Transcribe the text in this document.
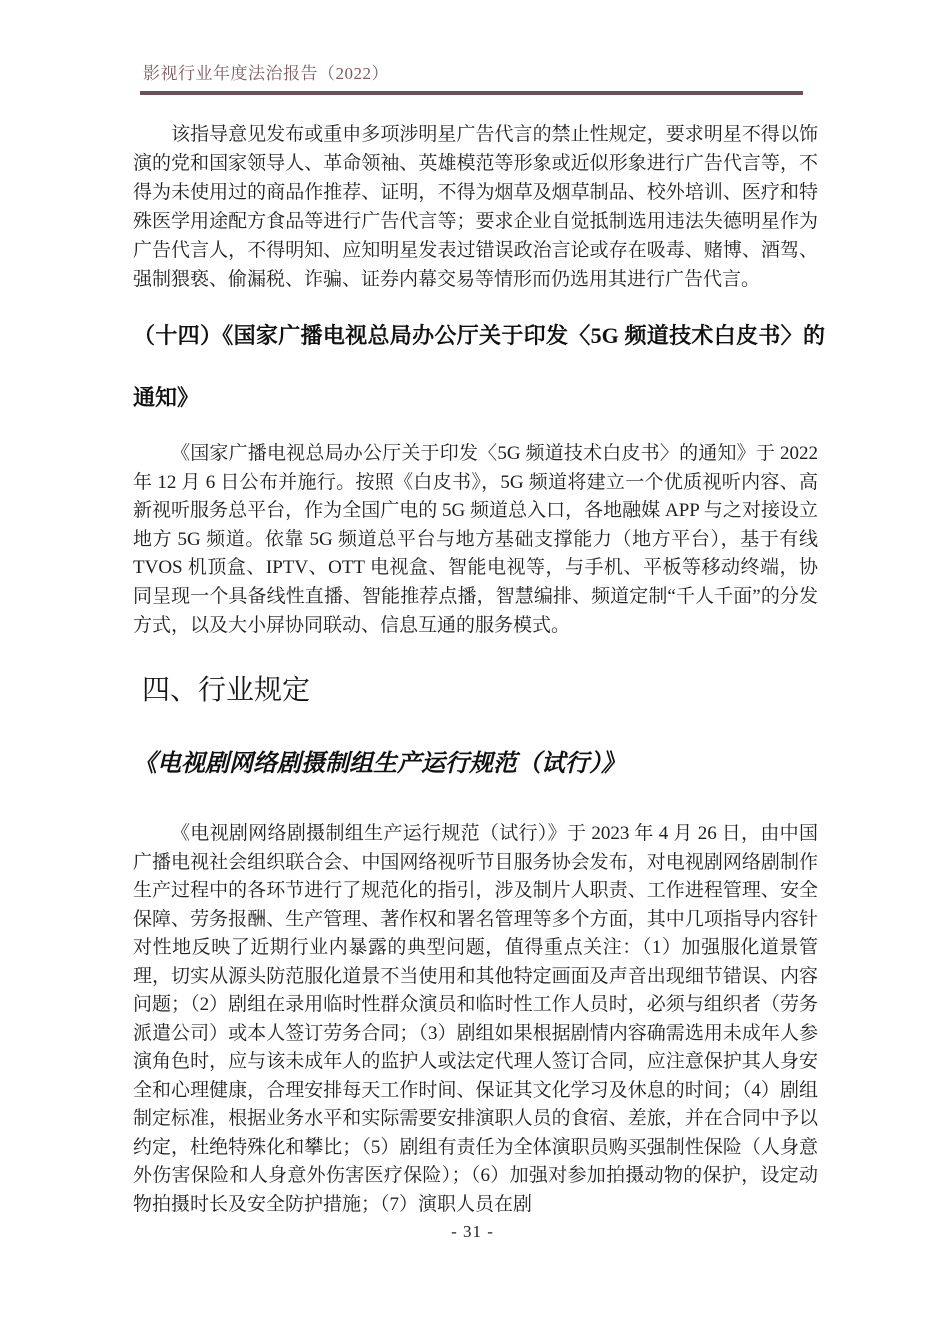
影视行业年度法治报告（2022）
该指导意见发布或重申多项涉明星广告代言的禁止性规定，要求明星不得以饰演的党和国家领导人、革命领袖、英雄模范等形象或近似形象进行广告代言等，不得为未使用过的商品作推荐、证明，不得为烟草及烟草制品、校外培训、医疗和特殊医学用途配方食品等进行广告代言等；要求企业自觉抵制选用违法失德明星作为广告代言人，不得明知、应知明星发表过错误政治言论或存在吸毒、赌博、酒驾、强制猥亵、偷漏税、诈骗、证券内幕交易等情形而仍选用其进行广告代言。
（十四）《国家广播电视总局办公厅关于印发〈5G 频道技术白皮书〉的通知》
《国家广播电视总局办公厅关于印发〈5G 频道技术白皮书〉的通知》于 2022 年 12 月 6 日公布并施行。按照《白皮书》，5G 频道将建立一个优质视听内容、高新视听服务总平台，作为全国广电的 5G 频道总入口，各地融媒 APP 与之对接设立地方 5G 频道。依靠 5G 频道总平台与地方基础支撑能力（地方平台），基于有线 TVOS 机顶盒、IPTV、OTT 电视盒、智能电视等，与手机、平板等移动终端，协同呈现一个具备线性直播、智能推荐点播，智慧编排、频道定制“千人千面”的分发方式，以及大小屏协同联动、信息互通的服务模式。
四、行业规定
《电视剧网络剧摄制组生产运行规范（试行）》
《电视剧网络剧摄制组生产运行规范（试行）》于 2023 年 4 月 26 日，由中国广播电视社会组织联合会、中国网络视听节目服务协会发布，对电视剧网络剧制作生产过程中的各环节进行了规范化的指引，涉及制片人职责、工作进程管理、安全保障、劳务报酬、生产管理、著作权和署名管理等多个方面，其中几项指导内容针对性地反映了近期行业内暴露的典型问题，值得重点关注：（1）加强服化道景管理，切实从源头防范服化道景不当使用和其他特定画面及声音出现细节错误、内容问题；（2）剧组在录用临时性群众演员和临时性工作人员时，必须与组织者（劳务派遣公司）或本人签订劳务合同；（3）剧组如果根据剧情内容确需选用未成年人参演角色时，应与该未成年人的监护人或法定代理人签订合同，应注意保护其人身安全和心理健康，合理安排每天工作时间、保证其文化学习及休息的时间；（4）剧组制定标准，根据业务水平和实际需要安排演职人员的食宿、差旅，并在合同中予以约定，杜绝特殊化和攀比；（5）剧组有责任为全体演职员购买强制性保险（人身意外伤害保险和人身意外伤害医疗保险）；（6）加强对参加拍摄动物的保护，设定动物拍摄时长及安全防护措施；（7）演职人员在剧
- 31 -
